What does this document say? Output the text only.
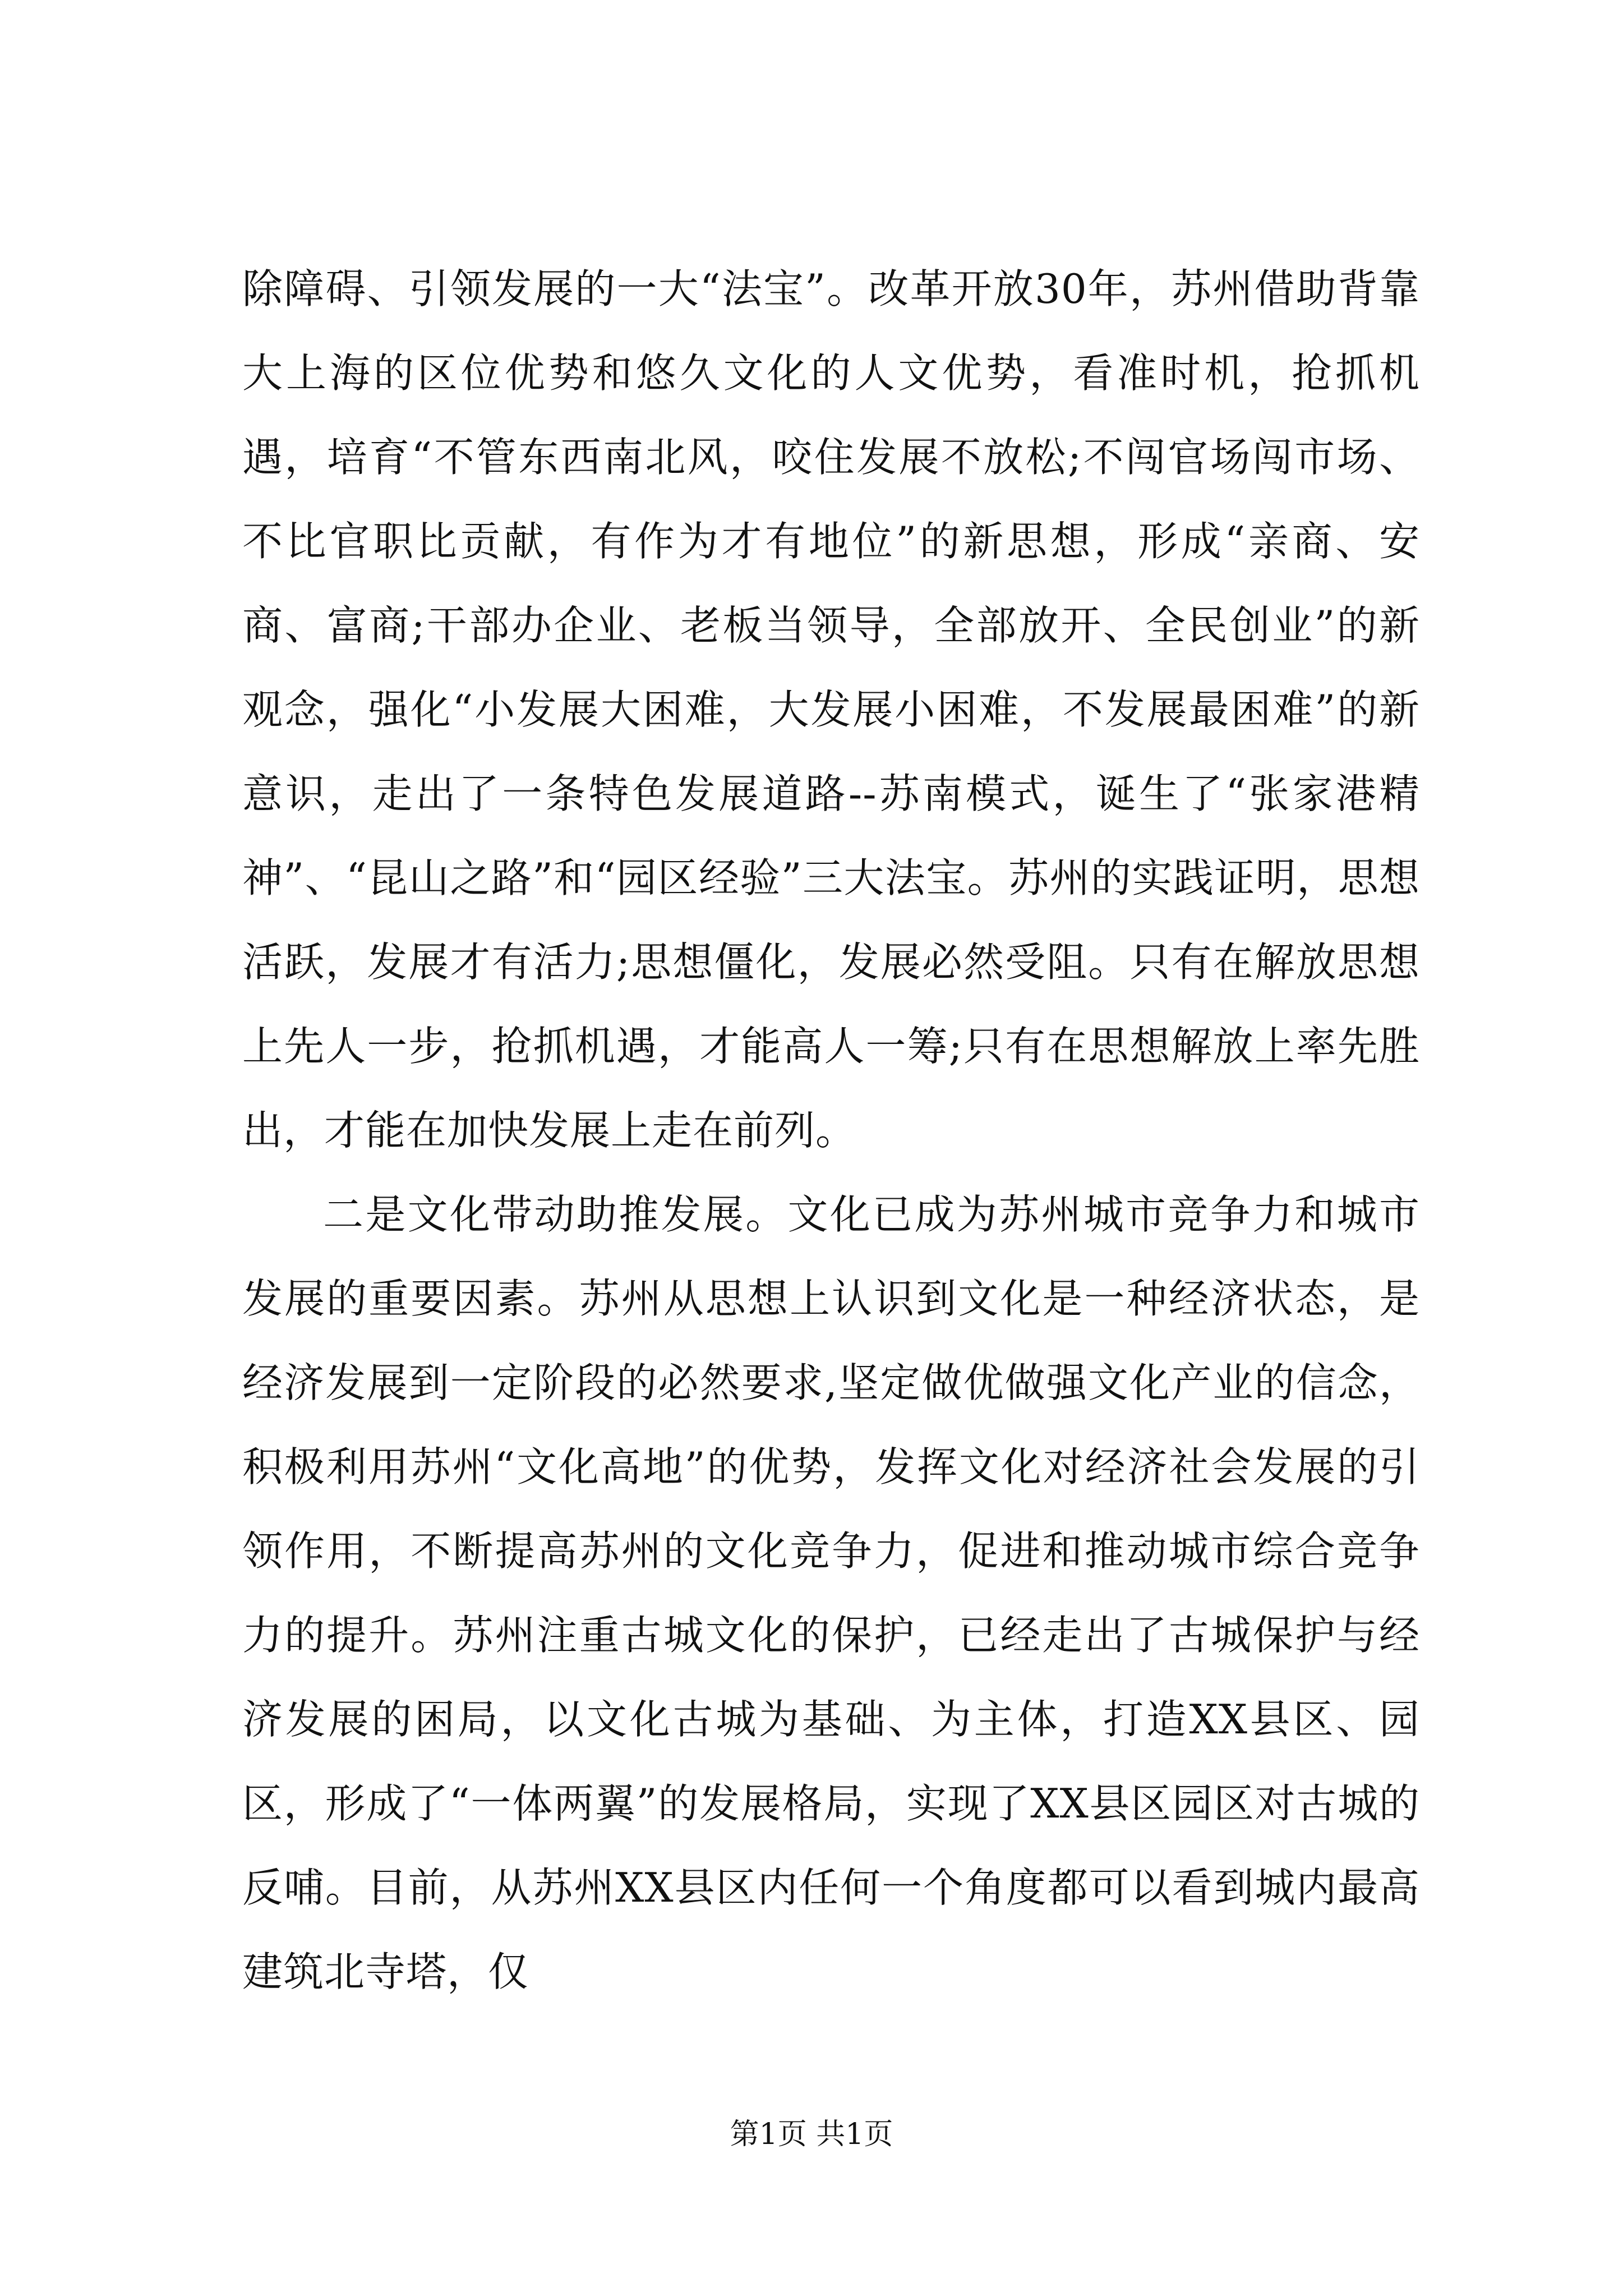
除障碍、引领发展的一大“法宝”。改革开放30年，苏州借助背靠大上海的区位优势和悠久文化的人文优势，看准时机，抢抓机遇，培育“不管东西南北风，咬住发展不放松;不闯官场闯市场、不比官职比贡献，有作为才有地位”的新思想，形成“亲商、安商、富商;干部办企业、老板当领导，全部放开、全民创业”的新观念，强化“小发展大困难，大发展小困难，不发展最困难”的新意识，走出了一条特色发展道路--苏南模式，诞生了“张家港精神”、“昆山之路”和“园区经验”三大法宝。苏州的实践证明，思想活跃，发展才有活力;思想僵化，发展必然受阻。只有在解放思想上先人一步，抢抓机遇，才能高人一筹;只有在思想解放上率先胜出，才能在加快发展上走在前列。

二是文化带动助推发展。文化已成为苏州城市竞争力和城市发展的重要因素。苏州从思想上认识到文化是一种经济状态，是经济发展到一定阶段的必然要求,坚定做优做强文化产业的信念，积极利用苏州“文化高地”的优势，发挥文化对经济社会发展的引领作用，不断提高苏州的文化竞争力，促进和推动城市综合竞争力的提升。苏州注重古城文化的保护，已经走出了古城保护与经济发展的困局，以文化古城为基础、为主体，打造XX县区、园区，形成了“一体两翼”的发展格局，实现了XX县区园区对古城的反哺。目前，从苏州XX县区内任何一个角度都可以看到城内最高建筑北寺塔，仅

第1页 共1页
